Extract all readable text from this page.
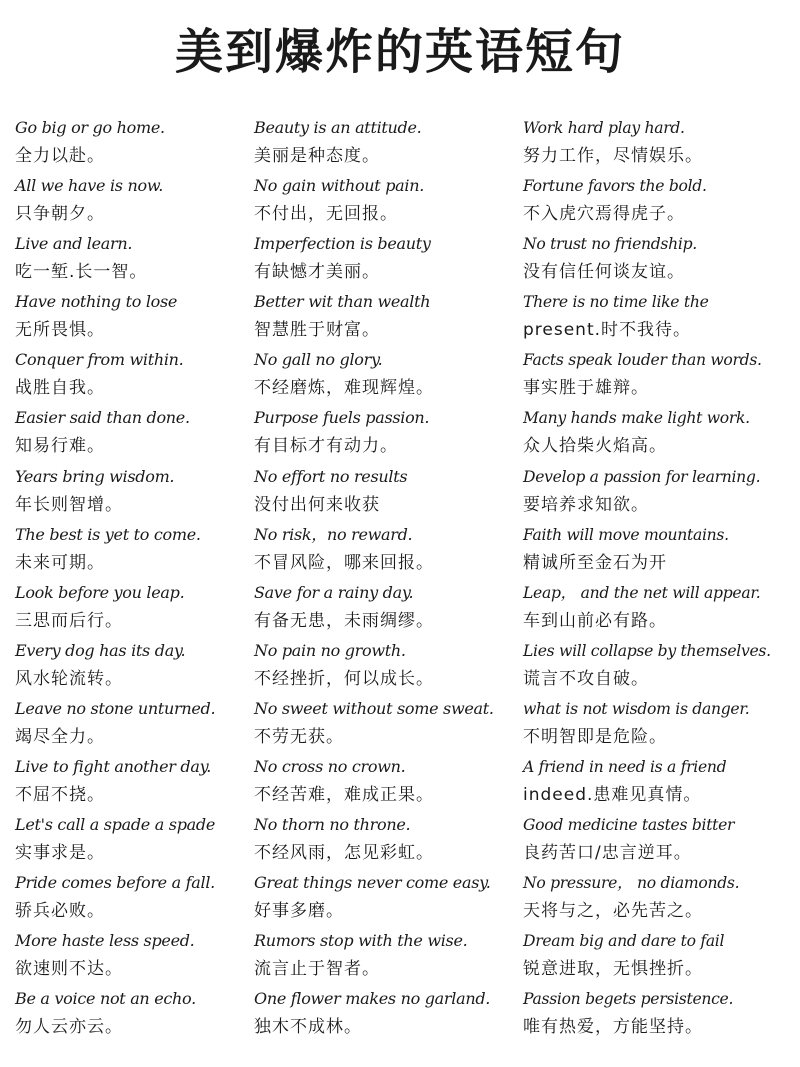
美到爆炸的英语短句
Go big or go home.
全力以赴。
All we have is now.
只争朝夕。
Live and learn.
吃一堑.长一智。
Have nothing to lose
无所畏惧。
Conquer from within.
战胜自我。
Easier said than done.
知易行难。
Years bring wisdom.
年长则智增。
The best is yet to come.
未来可期。
Look before you leap.
三思而后行。
Every dog has its day.
风水轮流转。
Leave no stone unturned.
竭尽全力。
Live to fight another day.
不屈不挠。
Let's call a spade a spade
实事求是。
Pride comes before a fall.
骄兵必败。
More haste less speed.
欲速则不达。
Be a voice not an echo.
勿人云亦云。
Beauty is an attitude.
美丽是种态度。
No gain without pain.
不付出，无回报。
Imperfection is beauty
有缺憾才美丽。
Better wit than wealth
智慧胜于财富。
No gall no glory.
不经磨炼，难现辉煌。
Purpose fuels passion.
有目标才有动力。
No effort no results
没付出何来收获
No risk，no reward.
不冒风险，哪来回报。
Save for a rainy day.
有备无患，未雨绸缪。
No pain no growth.
不经挫折，何以成长。
No sweet without some sweat.
不劳无获。
No cross no crown.
不经苦难，难成正果。
No thorn no throne.
不经风雨，怎见彩虹。
Great things never come easy.
好事多磨。
Rumors stop with the wise.
流言止于智者。
One flower makes no garland.
独木不成林。
Work hard play hard.
努力工作，尽情娱乐。
Fortune favors the bold.
不入虎穴焉得虎子。
No trust no friendship.
没有信任何谈友谊。
There is no time like the
present.时不我待。
Facts speak louder than words.
事实胜于雄辩。
Many hands make light work.
众人拾柴火焰高。
Develop a passion for learning.
要培养求知欲。
Faith will move mountains.
精诚所至金石为开
Leap， and the net will appear.
车到山前必有路。
Lies will collapse by themselves.
谎言不攻自破。
what is not wisdom is danger.
不明智即是危险。
A friend in need is a friend
indeed.患难见真情。
Good medicine tastes bitter
良药苦口/忠言逆耳。
No pressure， no diamonds.
天将与之，必先苦之。
Dream big and dare to fail
锐意进取，无惧挫折。
Passion begets persistence.
唯有热爱，方能坚持。
